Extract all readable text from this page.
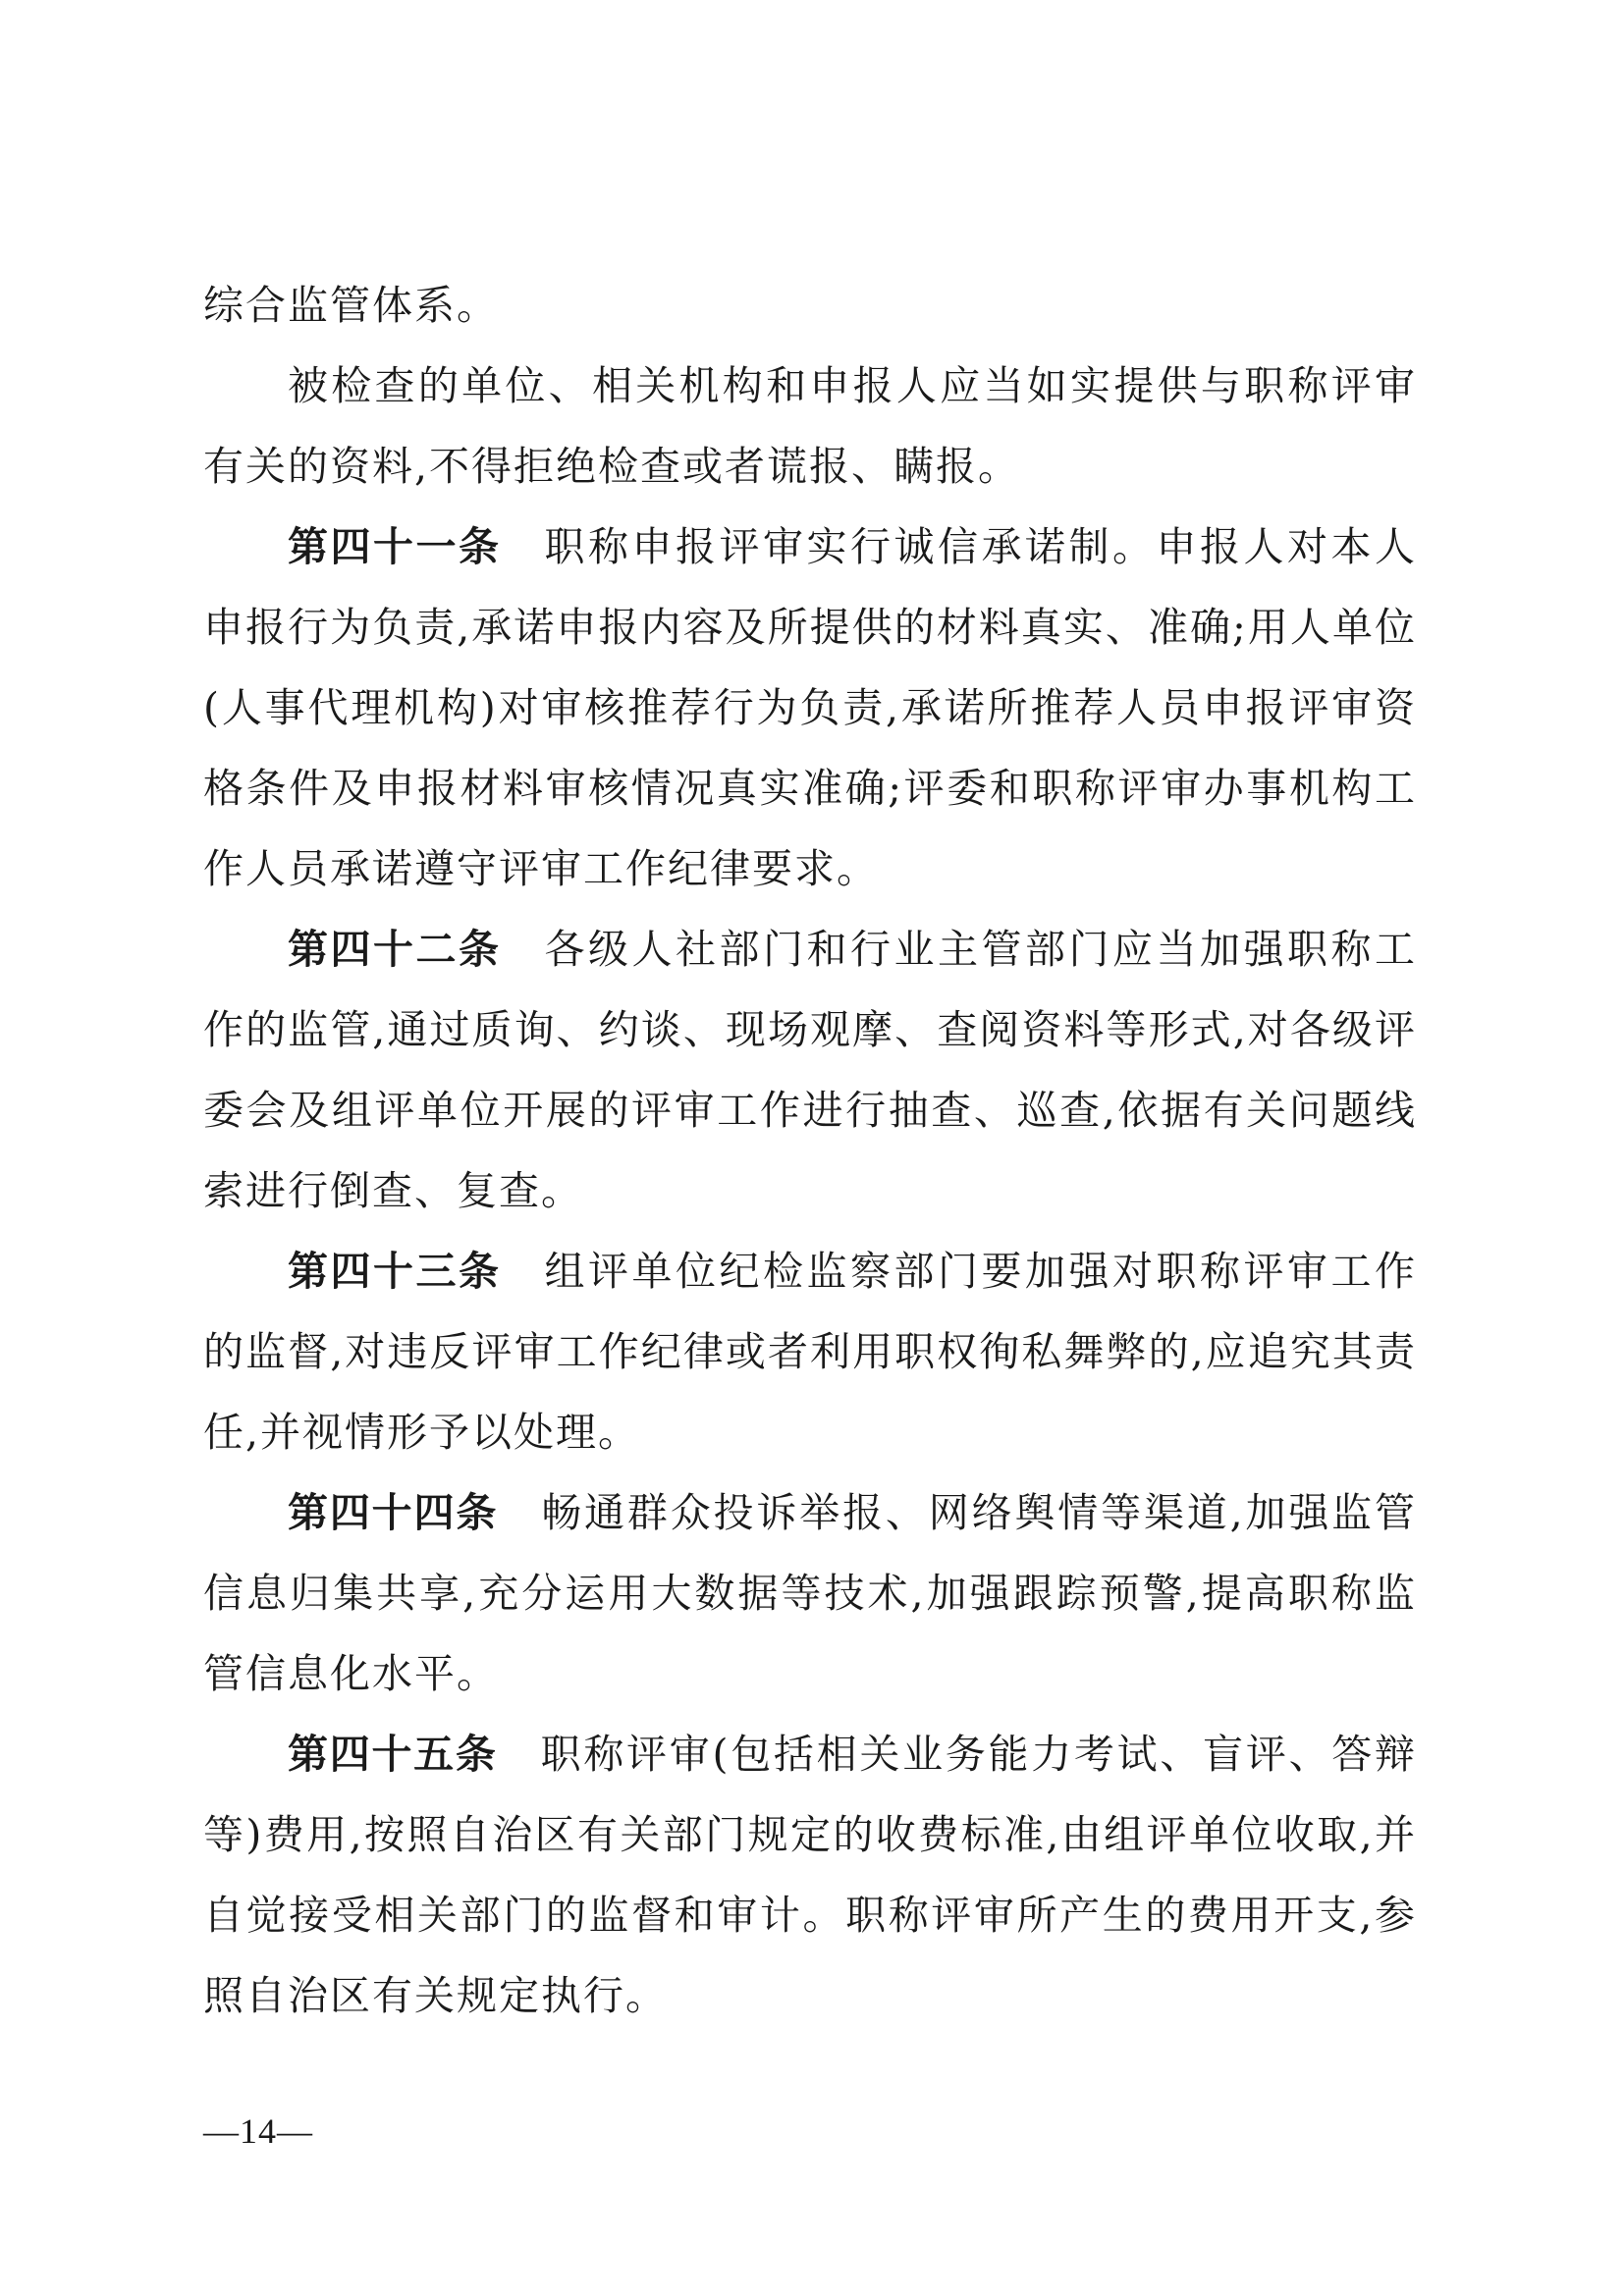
综合监管体系。

被检查的单位、相关机构和申报人应当如实提供与职称评审有关的资料,不得拒绝检查或者谎报、瞒报。

第四十一条 职称申报评审实行诚信承诺制。申报人对本人申报行为负责,承诺申报内容及所提供的材料真实、准确;用人单位(人事代理机构)对审核推荐行为负责,承诺所推荐人员申报评审资格条件及申报材料审核情况真实准确;评委和职称评审办事机构工作人员承诺遵守评审工作纪律要求。

第四十二条 各级人社部门和行业主管部门应当加强职称工作的监管,通过质询、约谈、现场观摩、查阅资料等形式,对各级评委会及组评单位开展的评审工作进行抽查、巡查,依据有关问题线索进行倒查、复查。

第四十三条 组评单位纪检监察部门要加强对职称评审工作的监督,对违反评审工作纪律或者利用职权徇私舞弊的,应追究其责任,并视情形予以处理。

第四十四条 畅通群众投诉举报、网络舆情等渠道,加强监管信息归集共享,充分运用大数据等技术,加强跟踪预警,提高职称监管信息化水平。

第四十五条 职称评审(包括相关业务能力考试、盲评、答辩等)费用,按照自治区有关部门规定的收费标准,由组评单位收取,并自觉接受相关部门的监督和审计。职称评审所产生的费用开支,参照自治区有关规定执行。

—14—
